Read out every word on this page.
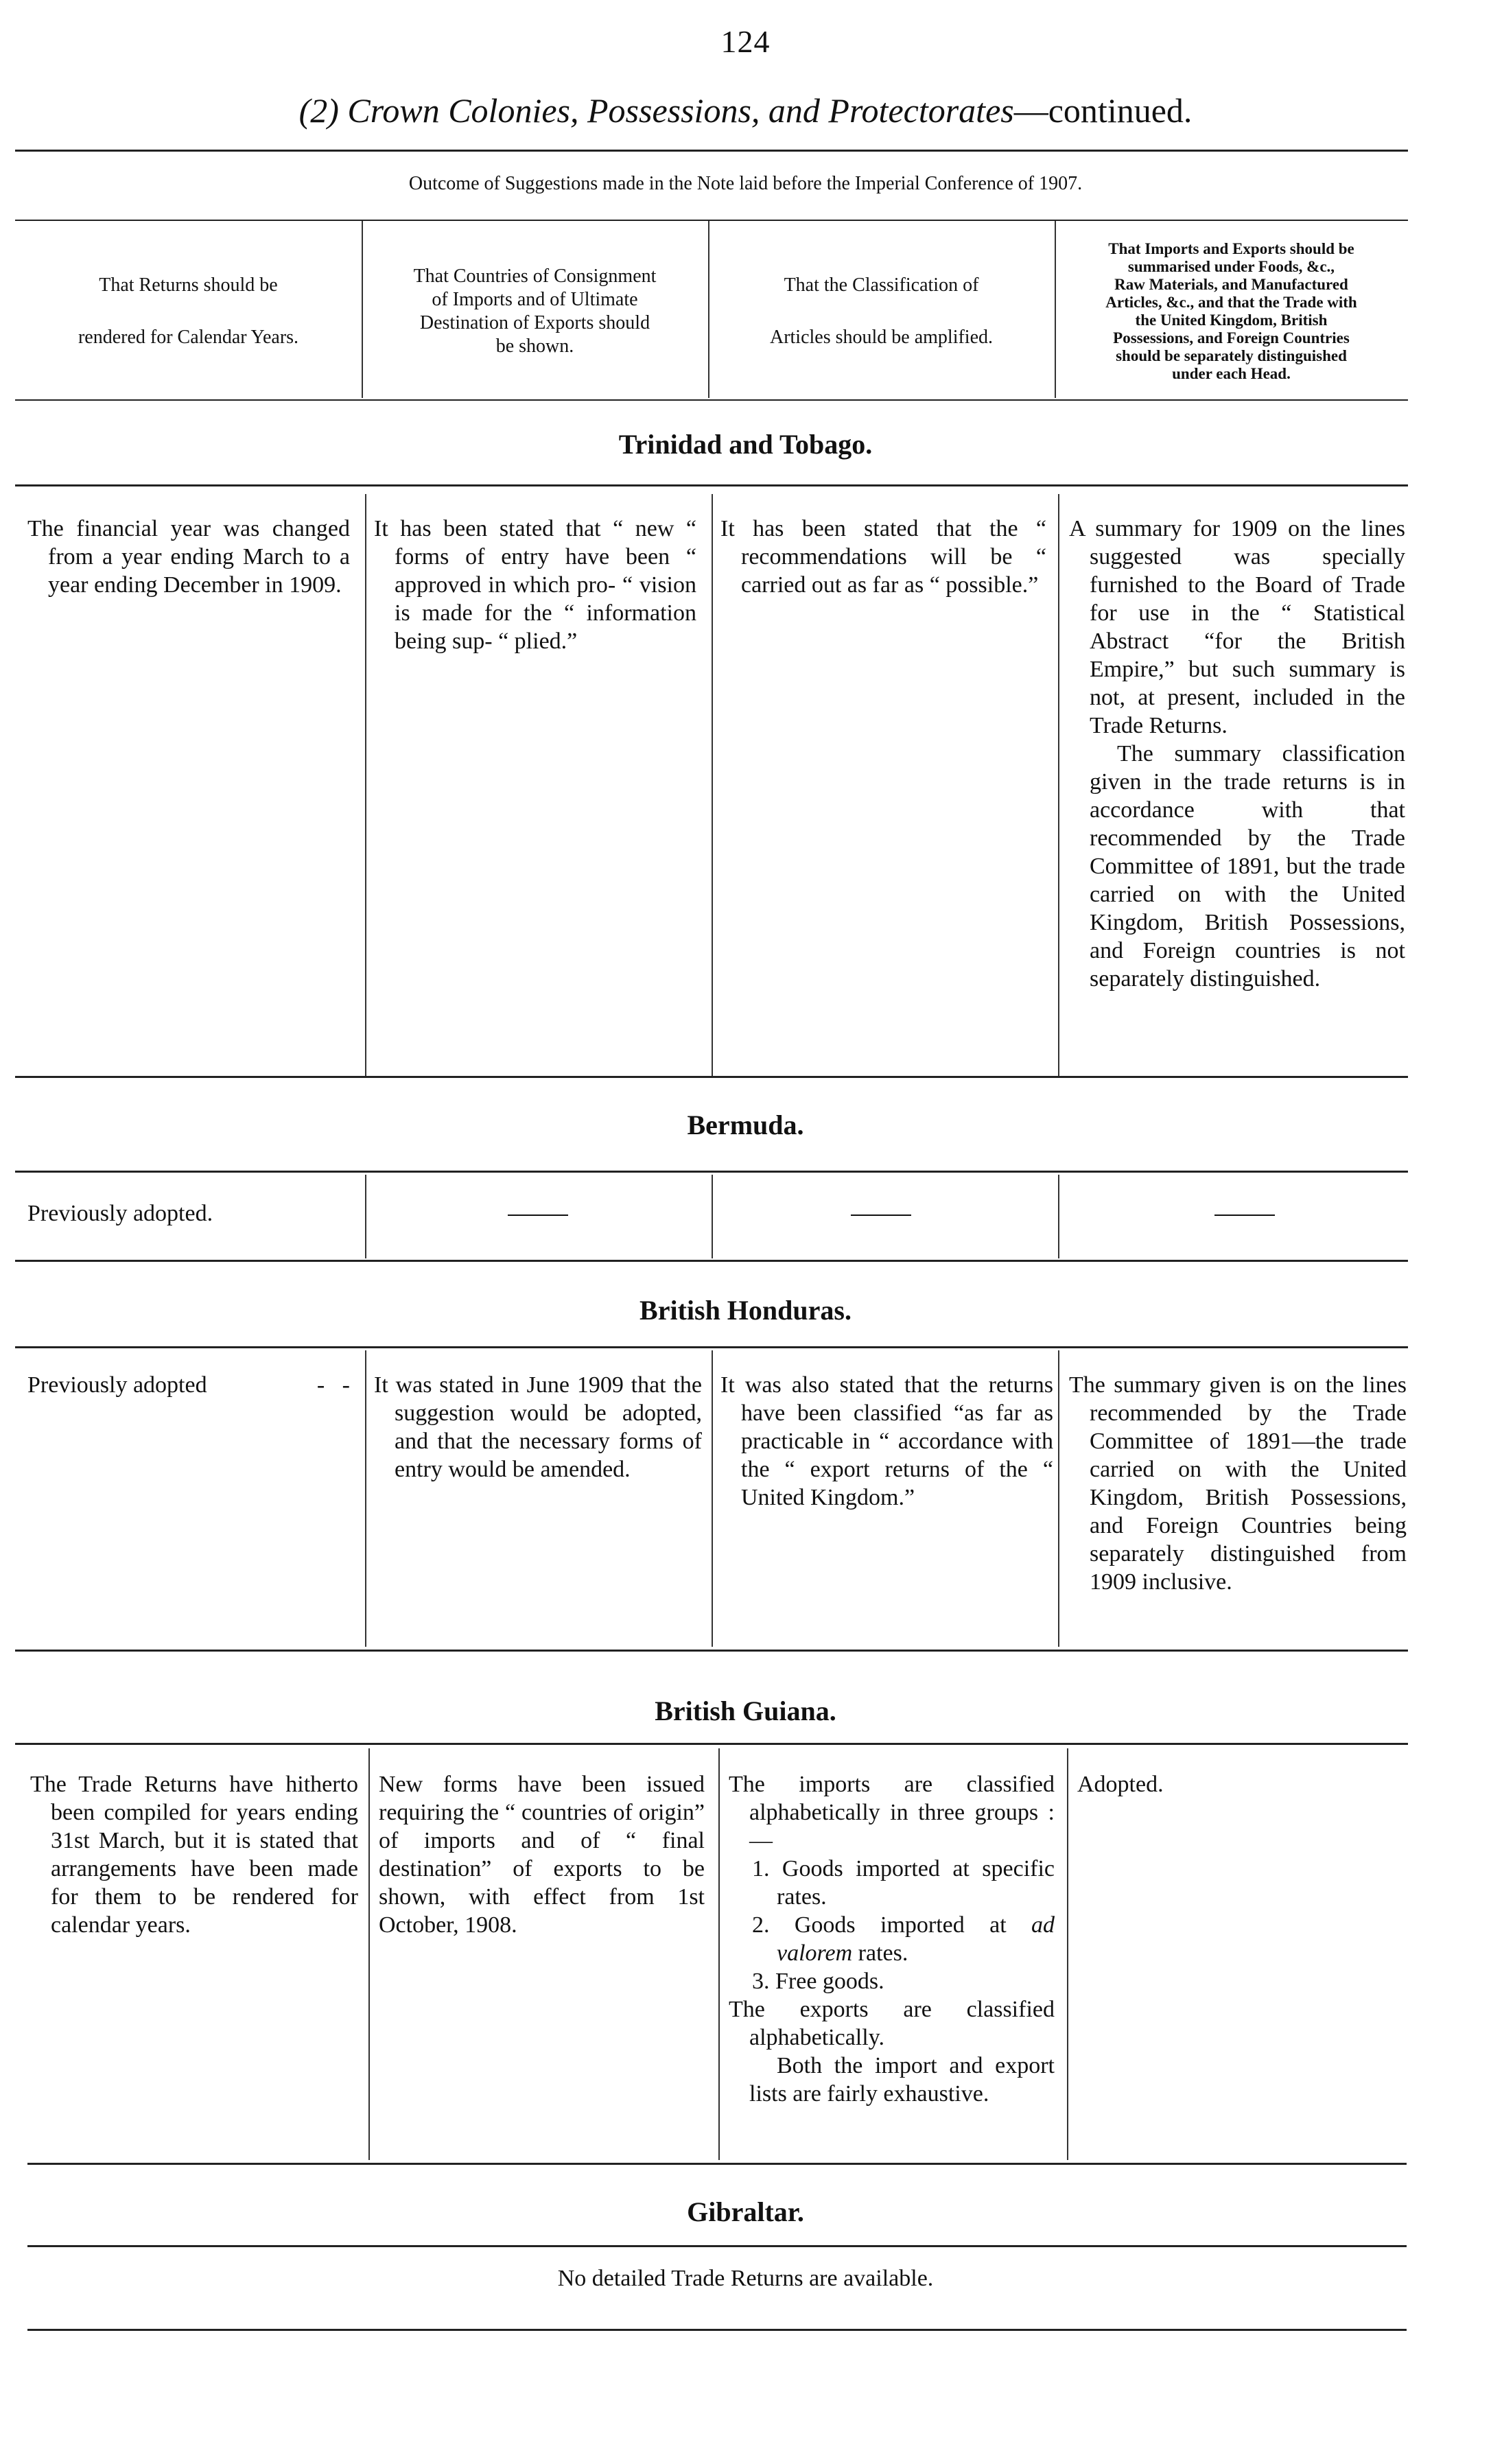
124
(2) Crown Colonies, Possessions, and Protectorates—continued.
Outcome of Suggestions made in the Note laid before the Imperial Conference of 1907.
That Returns should be
rendered for Calendar Years.
That Countries of Consignment
of Imports and of Ultimate
Destination of Exports should
be shown.
That the Classification of
Articles should be amplified.
That Imports and Exports should be
summarised under Foods, &c.,
Raw Materials, and Manufactured
Articles, &c., and that the Trade with
the United Kingdom, British
Possessions, and Foreign Countries
should be separately distinguished
under each Head.
Trinidad and Tobago.

The financial year was changed from a year ending March to a year ending December in 1909.

It has been stated that “ new “ forms of entry have been “ approved in which pro- “ vision is made for the “ information being sup- “ plied.”

It has been stated that the “ recommendations will be “ carried out as far as “ possible.”

A summary for 1909 on the lines suggested was specially furnished to the Board of Trade for use in the “ Statistical Abstract “for the British Empire,” but such summary is not, at present, included in the Trade Returns.

The summary classification given in the trade returns is in accordance with that recommended by the Trade Committee of 1891, but the trade carried on with the United Kingdom, British Possessions, and Foreign countries is not separately distinguished.

Bermuda.

Previously adopted.

British Honduras.

Previously adopted	-   - It was stated in June 1909 that the suggestion would be adopted, and that the necessary forms of entry would be amended.

It was also stated that the returns have been classified “as far as practicable in “ accordance with the “ export returns of the “ United Kingdom.”

The summary given is on the lines recommended by the Trade Committee of 1891—the trade carried on with the United Kingdom, British Possessions, and Foreign Countries being separately distinguished from 1909 inclusive.

British Guiana.

The Trade Returns have hitherto been compiled for years ending 31st March, but it is stated that arrangements have been made for them to be rendered for calendar years.

New forms have been issued requiring the “ countries of origin” of imports and of “ final destination” of exports to be shown, with effect from 1st October, 1908.

The imports are classified alphabetically in three groups :—

1. Goods imported at specific rates.

2. Goods imported at ad valorem rates.

3. Free goods.

The exports are classified alphabetically.

Both the import and export lists are fairly exhaustive.

Adopted.

Gibraltar.
No detailed Trade Returns are available.
